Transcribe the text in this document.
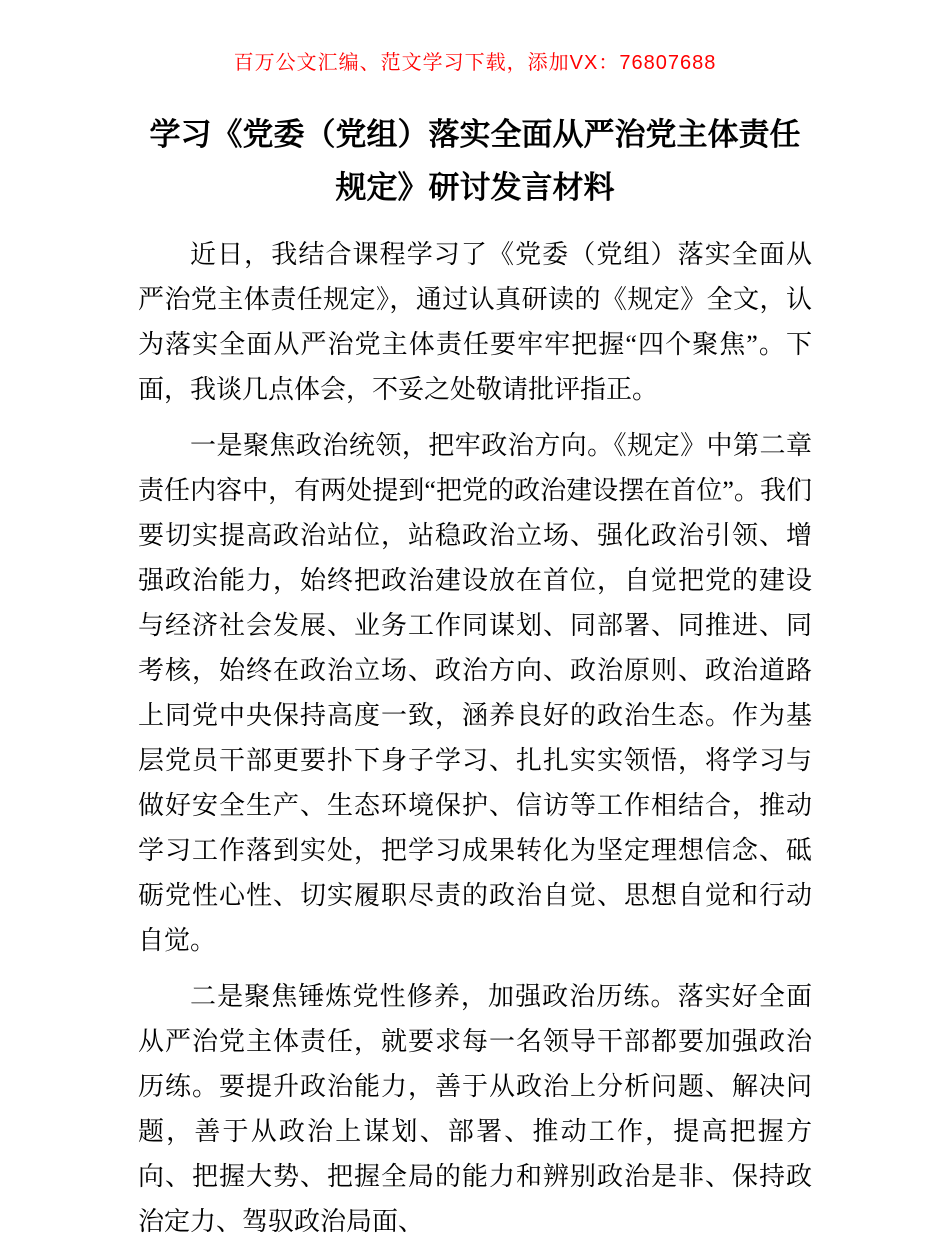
百万公文汇编、范文学习下载，添加VX：76807688
学习《党委（党组）落实全面从严治党主体责任规定》研讨发言材料

近日，我结合课程学习了《党委（党组）落实全面从严治党主体责任规定》，通过认真研读的《规定》全文，认为落实全面从严治党主体责任要牢牢把握“四个聚焦”。下面，我谈几点体会，不妥之处敬请批评指正。

一是聚焦政治统领，把牢政治方向。《规定》中第二章责任内容中，有两处提到“把党的政治建设摆在首位”。我们要切实提高政治站位，站稳政治立场、强化政治引领、增强政治能力，始终把政治建设放在首位，自觉把党的建设与经济社会发展、业务工作同谋划、同部署、同推进、同考核，始终在政治立场、政治方向、政治原则、政治道路上同党中央保持高度一致，涵养良好的政治生态。作为基层党员干部更要扑下身子学习、扎扎实实领悟，将学习与做好安全生产、生态环境保护、信访等工作相结合，推动学习工作落到实处，把学习成果转化为坚定理想信念、砥砺党性心性、切实履职尽责的政治自觉、思想自觉和行动自觉。

二是聚焦锤炼党性修养，加强政治历练。落实好全面从严治党主体责任，就要求每一名领导干部都要加强政治历练。要提升政治能力，善于从政治上分析问题、解决问题，善于从政治上谋划、部署、推动工作，提高把握方向、把握大势、把握全局的能力和辨别政治是非、保持政治定力、驾驭政治局面、
